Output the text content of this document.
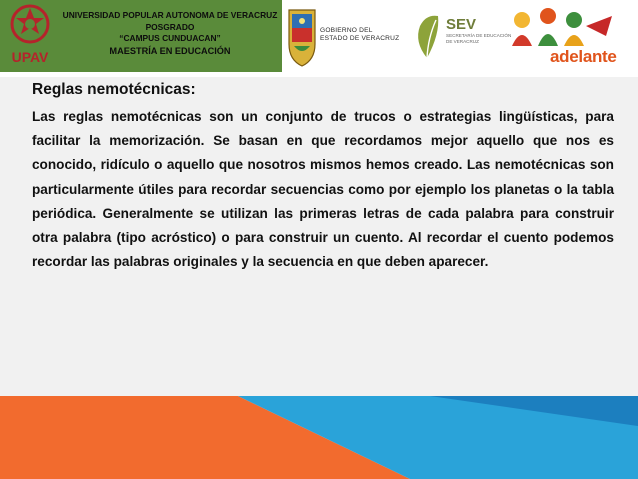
UPAV
UNIVERSIDAD POPULAR AUTONOMA DE VERACRUZ
POSGRADO
“CAMPUS CUNDUACAN”
MAESTRÍA EN EDUCACIÓN
GOBIERNO DEL
ESTADO DE VERACRUZ
SEV
SECRETARÍA DE EDUCACIÓN
DE VERACRUZ
adelante

Reglas nemotécnicas:

Las reglas nemotécnicas son un conjunto de trucos o estrategias lingüísticas, para facilitar la memorización. Se basan en que recordamos mejor aquello que nos es conocido, ridículo o aquello que nosotros mismos hemos creado. Las nemotécnicas son particularmente útiles para recordar secuencias como por ejemplo los planetas o la tabla periódica. Generalmente se utilizan las primeras letras de cada palabra para construir otra palabra (tipo acróstico) o para construir un cuento. Al recordar el cuento podemos recordar las palabras originales y la secuencia en que deben aparecer.
